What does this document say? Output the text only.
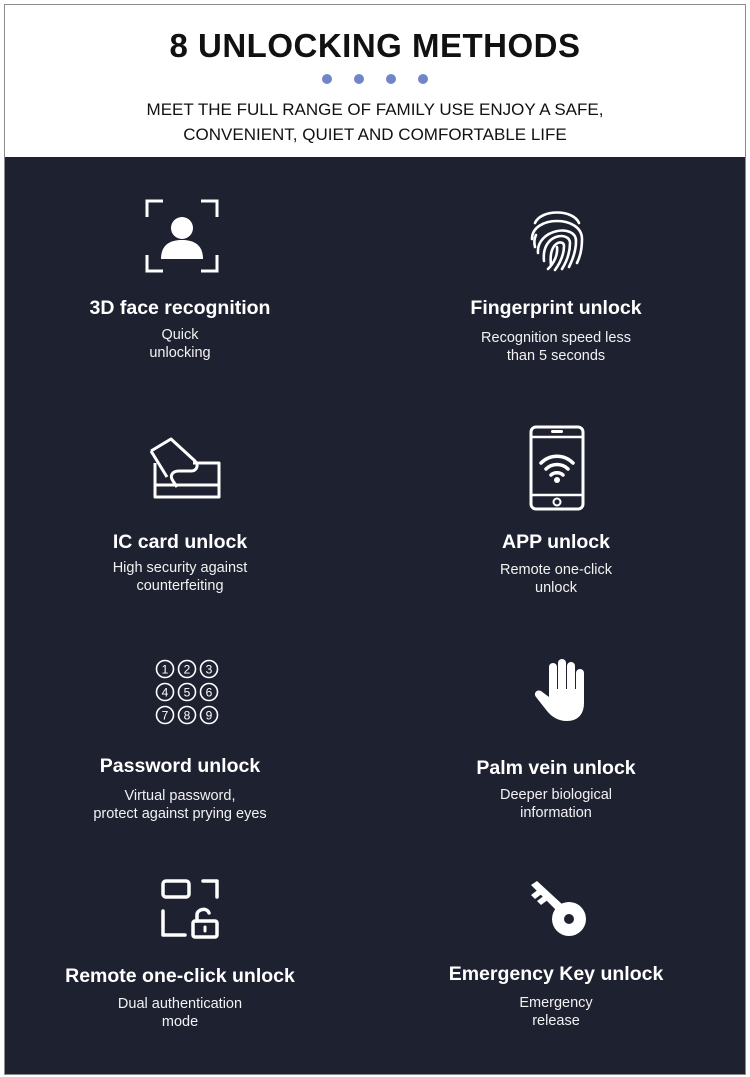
8 UNLOCKING METHODS
MEET THE FULL RANGE OF FAMILY USE ENJOY A SAFE,
CONVENIENT, QUIET AND COMFORTABLE LIFE
3D face recognition
Quick
unlocking
Fingerprint unlock
Recognition speed less
than 5 seconds
IC card unlock
High security against
counterfeiting
APP unlock
Remote one-click
unlock
1 2 3
4 5 6
7 8 9
Password unlock
Virtual password,
protect against prying eyes
Palm vein unlock
Deeper biological
information
Remote one-click unlock
Dual authentication
mode
Emergency Key unlock
Emergency
release
